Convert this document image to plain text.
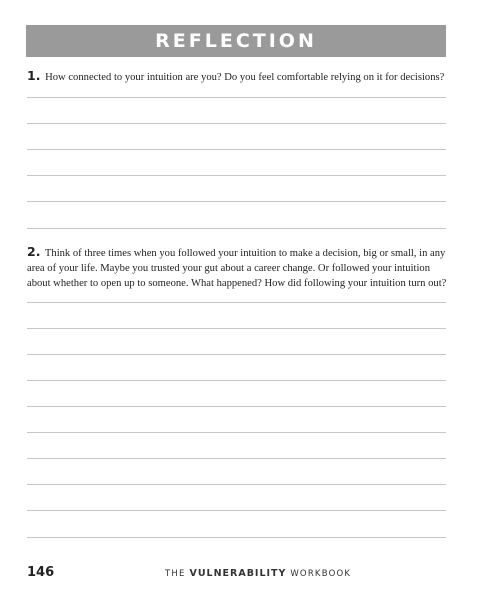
REFLECTION
1. How connected to your intuition are you? Do you feel comfortable relying on it for decisions?
2. Think of three times when you followed your intuition to make a decision, big or small, in any area of your life. Maybe you trusted your gut about a career change. Or followed your intuition about whether to open up to someone. What happened? How did following your intuition turn out?
146	THE VULNERABILITY WORKBOOK
